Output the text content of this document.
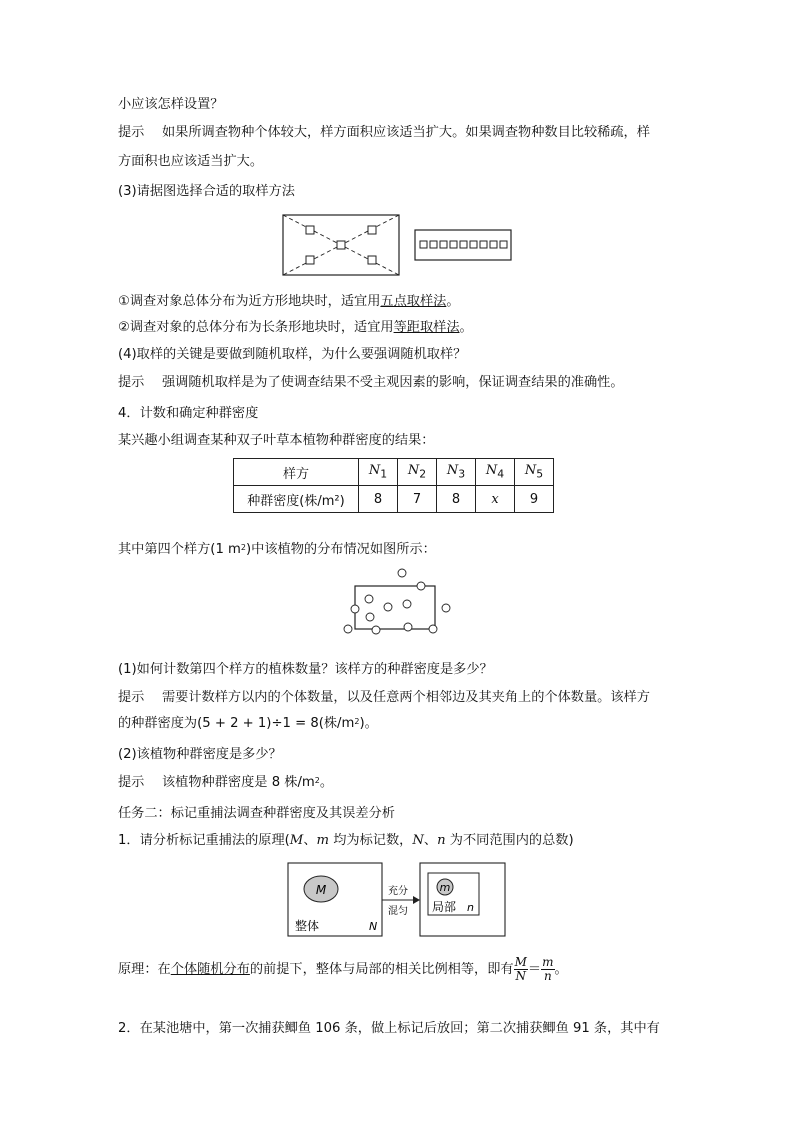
小应该怎样设置？
提示 如果所调查物种个体较大，样方面积应该适当扩大。如果调查物种数目比较稀疏，样
方面积也应该适当扩大。
(3)请据图选择合适的取样方法
①调查对象总体分布为近方形地块时，适宜用五点取样法。
②调查对象的总体分布为长条形地块时，适宜用等距取样法。
(4)取样的关键是要做到随机取样，为什么要强调随机取样？
提示 强调随机取样是为了使调查结果不受主观因素的影响，保证调查结果的准确性。
4．计数和确定种群密度
某兴趣小组调查某种双子叶草本植物种群密度的结果：
样方	$N_1$	$N_2$	$N_3$	$N_4$	$N_5$
种群密度(株/m²)	8	7	8	x	9
其中第四个样方(1 $m^2$)中该植物的分布情况如图所示：
(1)如何计数第四个样方的植株数量？该样方的种群密度是多少？
提示 需要计数样方以内的个体数量，以及任意两个相邻边及其夹角上的个体数量。该样方
的种群密度为(5 + 2 + 1)÷1 = 8(株$/m^2$)。
(2)该植物种群密度是多少？
提示 该植物种群密度是 8 株$/m^2$。
任务二：标记重捕法调查种群密度及其误差分析
1．请分析标记重捕法的原理(M、m 均为标记数，N、n 为不同范围内的总数)
M
整体	N
充分
混匀
m
局部 n
原理：在个体随机分布的前提下，整体与局部的相关比例相等，即有 $\frac{M}{N} = \frac{m}{n}$ 。
2．在某池塘中，第一次捕获鲫鱼 106 条，做上标记后放回；第二次捕获鲫鱼 91 条，其中有
